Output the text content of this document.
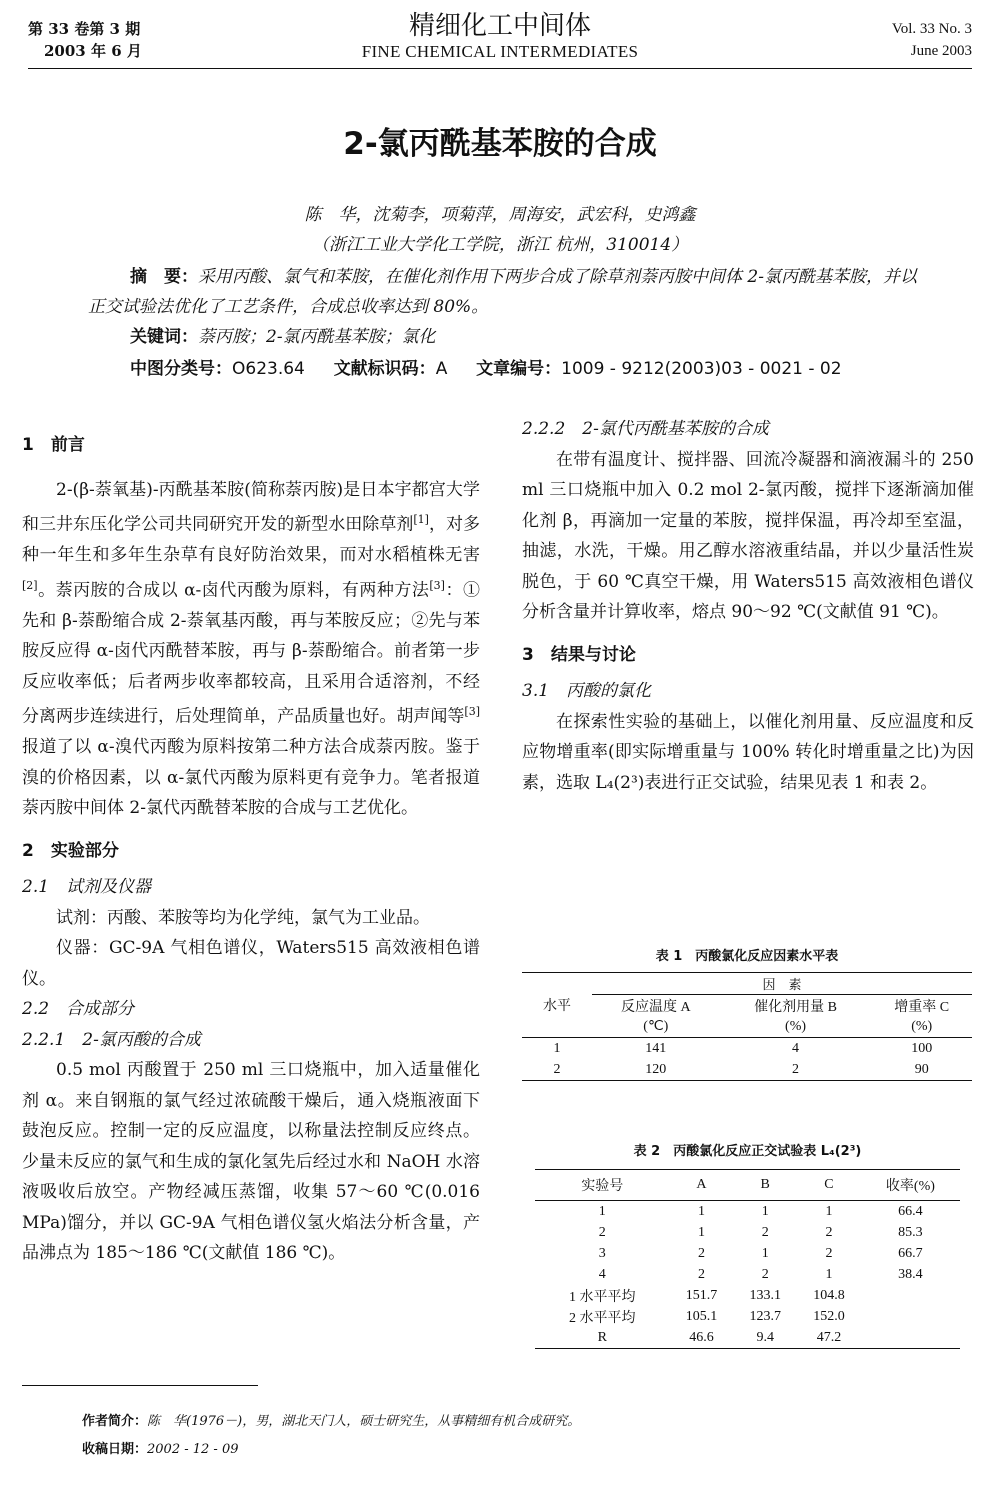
第 33 卷第 3 期
2003 年 6 月
精细化工中间体
FINE CHEMICAL INTERMEDIATES
Vol. 33 No. 3
June 2003
2-氯丙酰基苯胺的合成
陈　华，沈菊李，项菊萍，周海安，武宏科，史鸿鑫
（浙江工业大学化工学院，浙江 杭州，310014）
摘　要：采用丙酸、氯气和苯胺，在催化剂作用下两步合成了除草剂萘丙胺中间体 2-氯丙酰基苯胺，并以正交试验法优化了工艺条件，合成总收率达到 80%。
关键词：萘丙胺；2-氯丙酰基苯胺；氯化
中图分类号：O623.64 文献标识码：A 文章编号：1009 - 9212(2003)03 - 0021 - 02
1　前言

2-(β-萘氧基)-丙酰基苯胺(简称萘丙胺)是日本宇都宫大学和三井东压化学公司共同研究开发的新型水田除草剂[1]，对多种一年生和多年生杂草有良好防治效果，而对水稻植株无害[2]。萘丙胺的合成以 α-卤代丙酸为原料，有两种方法[3]：①先和 β-萘酚缩合成 2-萘氧基丙酸，再与苯胺反应；②先与苯胺反应得 α-卤代丙酰替苯胺，再与 β-萘酚缩合。前者第一步反应收率低；后者两步收率都较高，且采用合适溶剂，不经分离两步连续进行，后处理简单，产品质量也好。胡声闻等[3]报道了以 α-溴代丙酸为原料按第二种方法合成萘丙胺。鉴于溴的价格因素，以 α-氯代丙酸为原料更有竞争力。笔者报道萘丙胺中间体 2-氯代丙酰替苯胺的合成与工艺优化。

2　实验部分
2.1　试剂及仪器

试剂：丙酸、苯胺等均为化学纯，氯气为工业品。

仪器：GC-9A 气相色谱仪，Waters515 高效液相色谱仪。

2.2　合成部分
2.2.1　2-氯丙酸的合成

0.5 mol 丙酸置于 250 ml 三口烧瓶中，加入适量催化剂 α。来自钢瓶的氯气经过浓硫酸干燥后，通入烧瓶液面下鼓泡反应。控制一定的反应温度，以称量法控制反应终点。少量未反应的氯气和生成的氯化氢先后经过水和 NaOH 水溶液吸收后放空。产物经减压蒸馏，收集 57～60 ℃(0.016 MPa)馏分，并以 GC-9A 气相色谱仪氢火焰法分析含量，产品沸点为 185～186 ℃(文献值 186 ℃)。

2.2.2　2-氯代丙酰基苯胺的合成

在带有温度计、搅拌器、回流冷凝器和滴液漏斗的 250 ml 三口烧瓶中加入 0.2 mol 2-氯丙酸，搅拌下逐渐滴加催化剂 β，再滴加一定量的苯胺，搅拌保温，再冷却至室温，抽滤，水洗，干燥。用乙醇水溶液重结晶，并以少量活性炭脱色，于 60 ℃真空干燥，用 Waters515 高效液相色谱仪分析含量并计算收率，熔点 90～92 ℃(文献值 91 ℃)。

3　结果与讨论
3.1　丙酸的氯化

在探索性实验的基础上，以催化剂用量、反应温度和反应物增重率(即实际增重量与 100% 转化时增重量之比)为因素，选取 L₄(2³)表进行正交试验，结果见表 1 和表 2。

表 1　丙酸氯化反应因素水平表
水平	因　素		
	反应温度 A	催化剂用量 B	增重率 C
	(℃)	(%)	(%)
1	141	4	100
2	120	2	90
表 2　丙酸氯化反应正交试验表 L₄(2³)
实验号	A	B	C	收率(%)
1	1	1	1	66.4
2	1	2	2	85.3
3	2	1	2	66.7
4	2	2	1	38.4
1 水平平均	151.7	133.1	104.8	
2 水平平均	105.1	123.7	152.0	
R	46.6	9.4	47.2	
作者简介：陈　华(1976－)，男，湖北天门人，硕士研究生，从事精细有机合成研究。
收稿日期：2002 - 12 - 09
